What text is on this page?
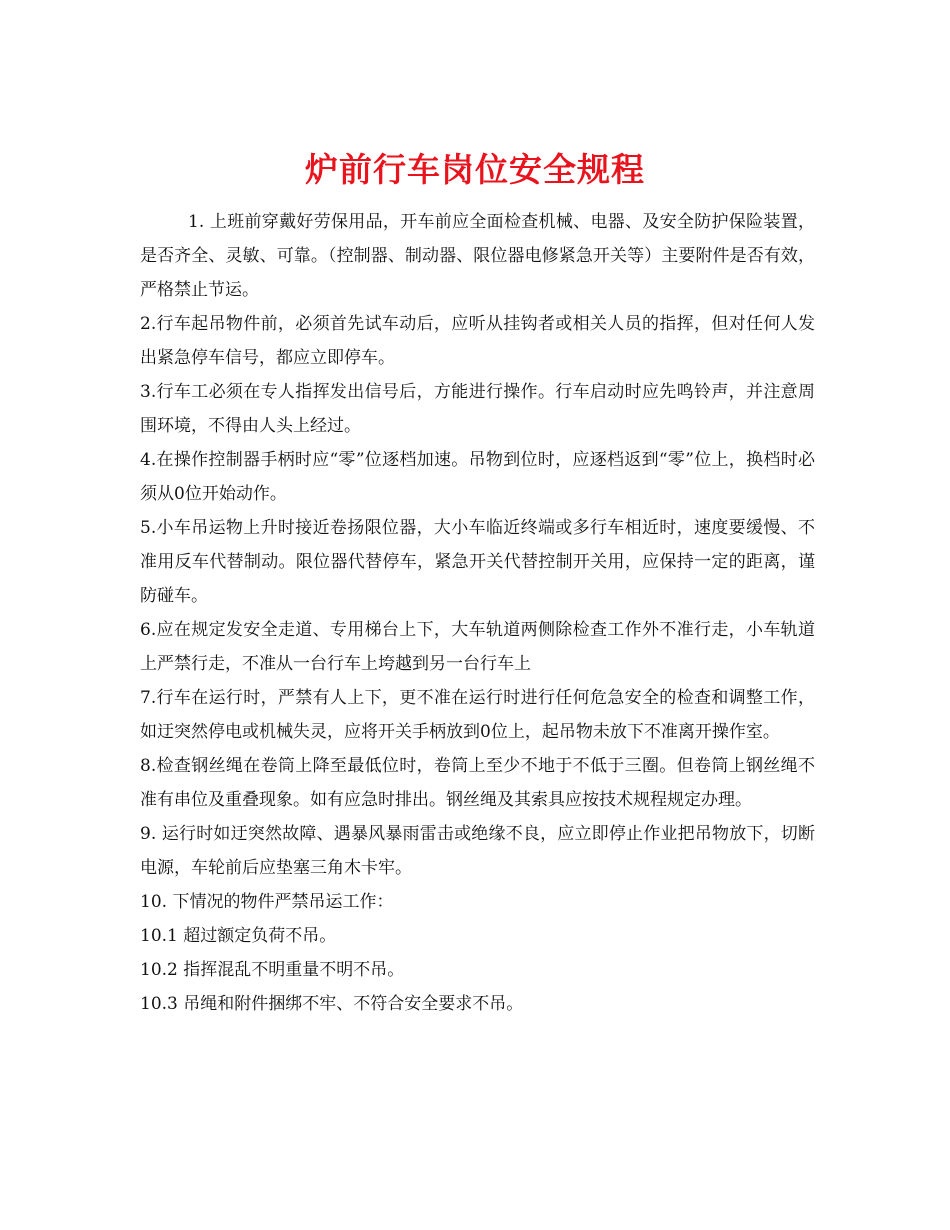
炉前行车岗位安全规程

1. 上班前穿戴好劳保用品，开车前应全面检查机械、电器、及安全防护保险装置，是否齐全、灵敏、可靠。（控制器、制动器、限位器电修紧急开关等）主要附件是否有效，严格禁止节运。

2.行车起吊物件前，必须首先试车动后，应听从挂钩者或相关人员的指挥，但对任何人发出紧急停车信号，都应立即停车。

3.行车工必须在专人指挥发出信号后，方能进行操作。行车启动时应先鸣铃声，并注意周围环境，不得由人头上经过。

4.在操作控制器手柄时应“零”位逐档加速。吊物到位时，应逐档返到“零”位上，换档时必须从0位开始动作。

5.小车吊运物上升时接近卷扬限位器，大小车临近终端或多行车相近时，速度要缓慢、不准用反车代替制动。限位器代替停车，紧急开关代替控制开关用，应保持一定的距离，谨防碰车。

6.应在规定发安全走道、专用梯台上下，大车轨道两侧除检查工作外不准行走，小车轨道上严禁行走，不准从一台行车上垮越到另一台行车上

7.行车在运行时，严禁有人上下，更不准在运行时进行任何危急安全的检查和调整工作，如迂突然停电或机械失灵，应将开关手柄放到0位上，起吊物未放下不准离开操作室。

8.检查钢丝绳在卷筒上降至最低位时，卷筒上至少不地于不低于三圈。但卷筒上钢丝绳不准有串位及重叠现象。如有应急时排出。钢丝绳及其索具应按技术规程规定办理。

9. 运行时如迂突然故障、遇暴风暴雨雷击或绝缘不良，应立即停止作业把吊物放下，切断电源，车轮前后应垫塞三角木卡牢。

10. 下情况的物件严禁吊运工作：

10.1 超过额定负荷不吊。

10.2 指挥混乱不明重量不明不吊。

10.3 吊绳和附件捆绑不牢、不符合安全要求不吊。
